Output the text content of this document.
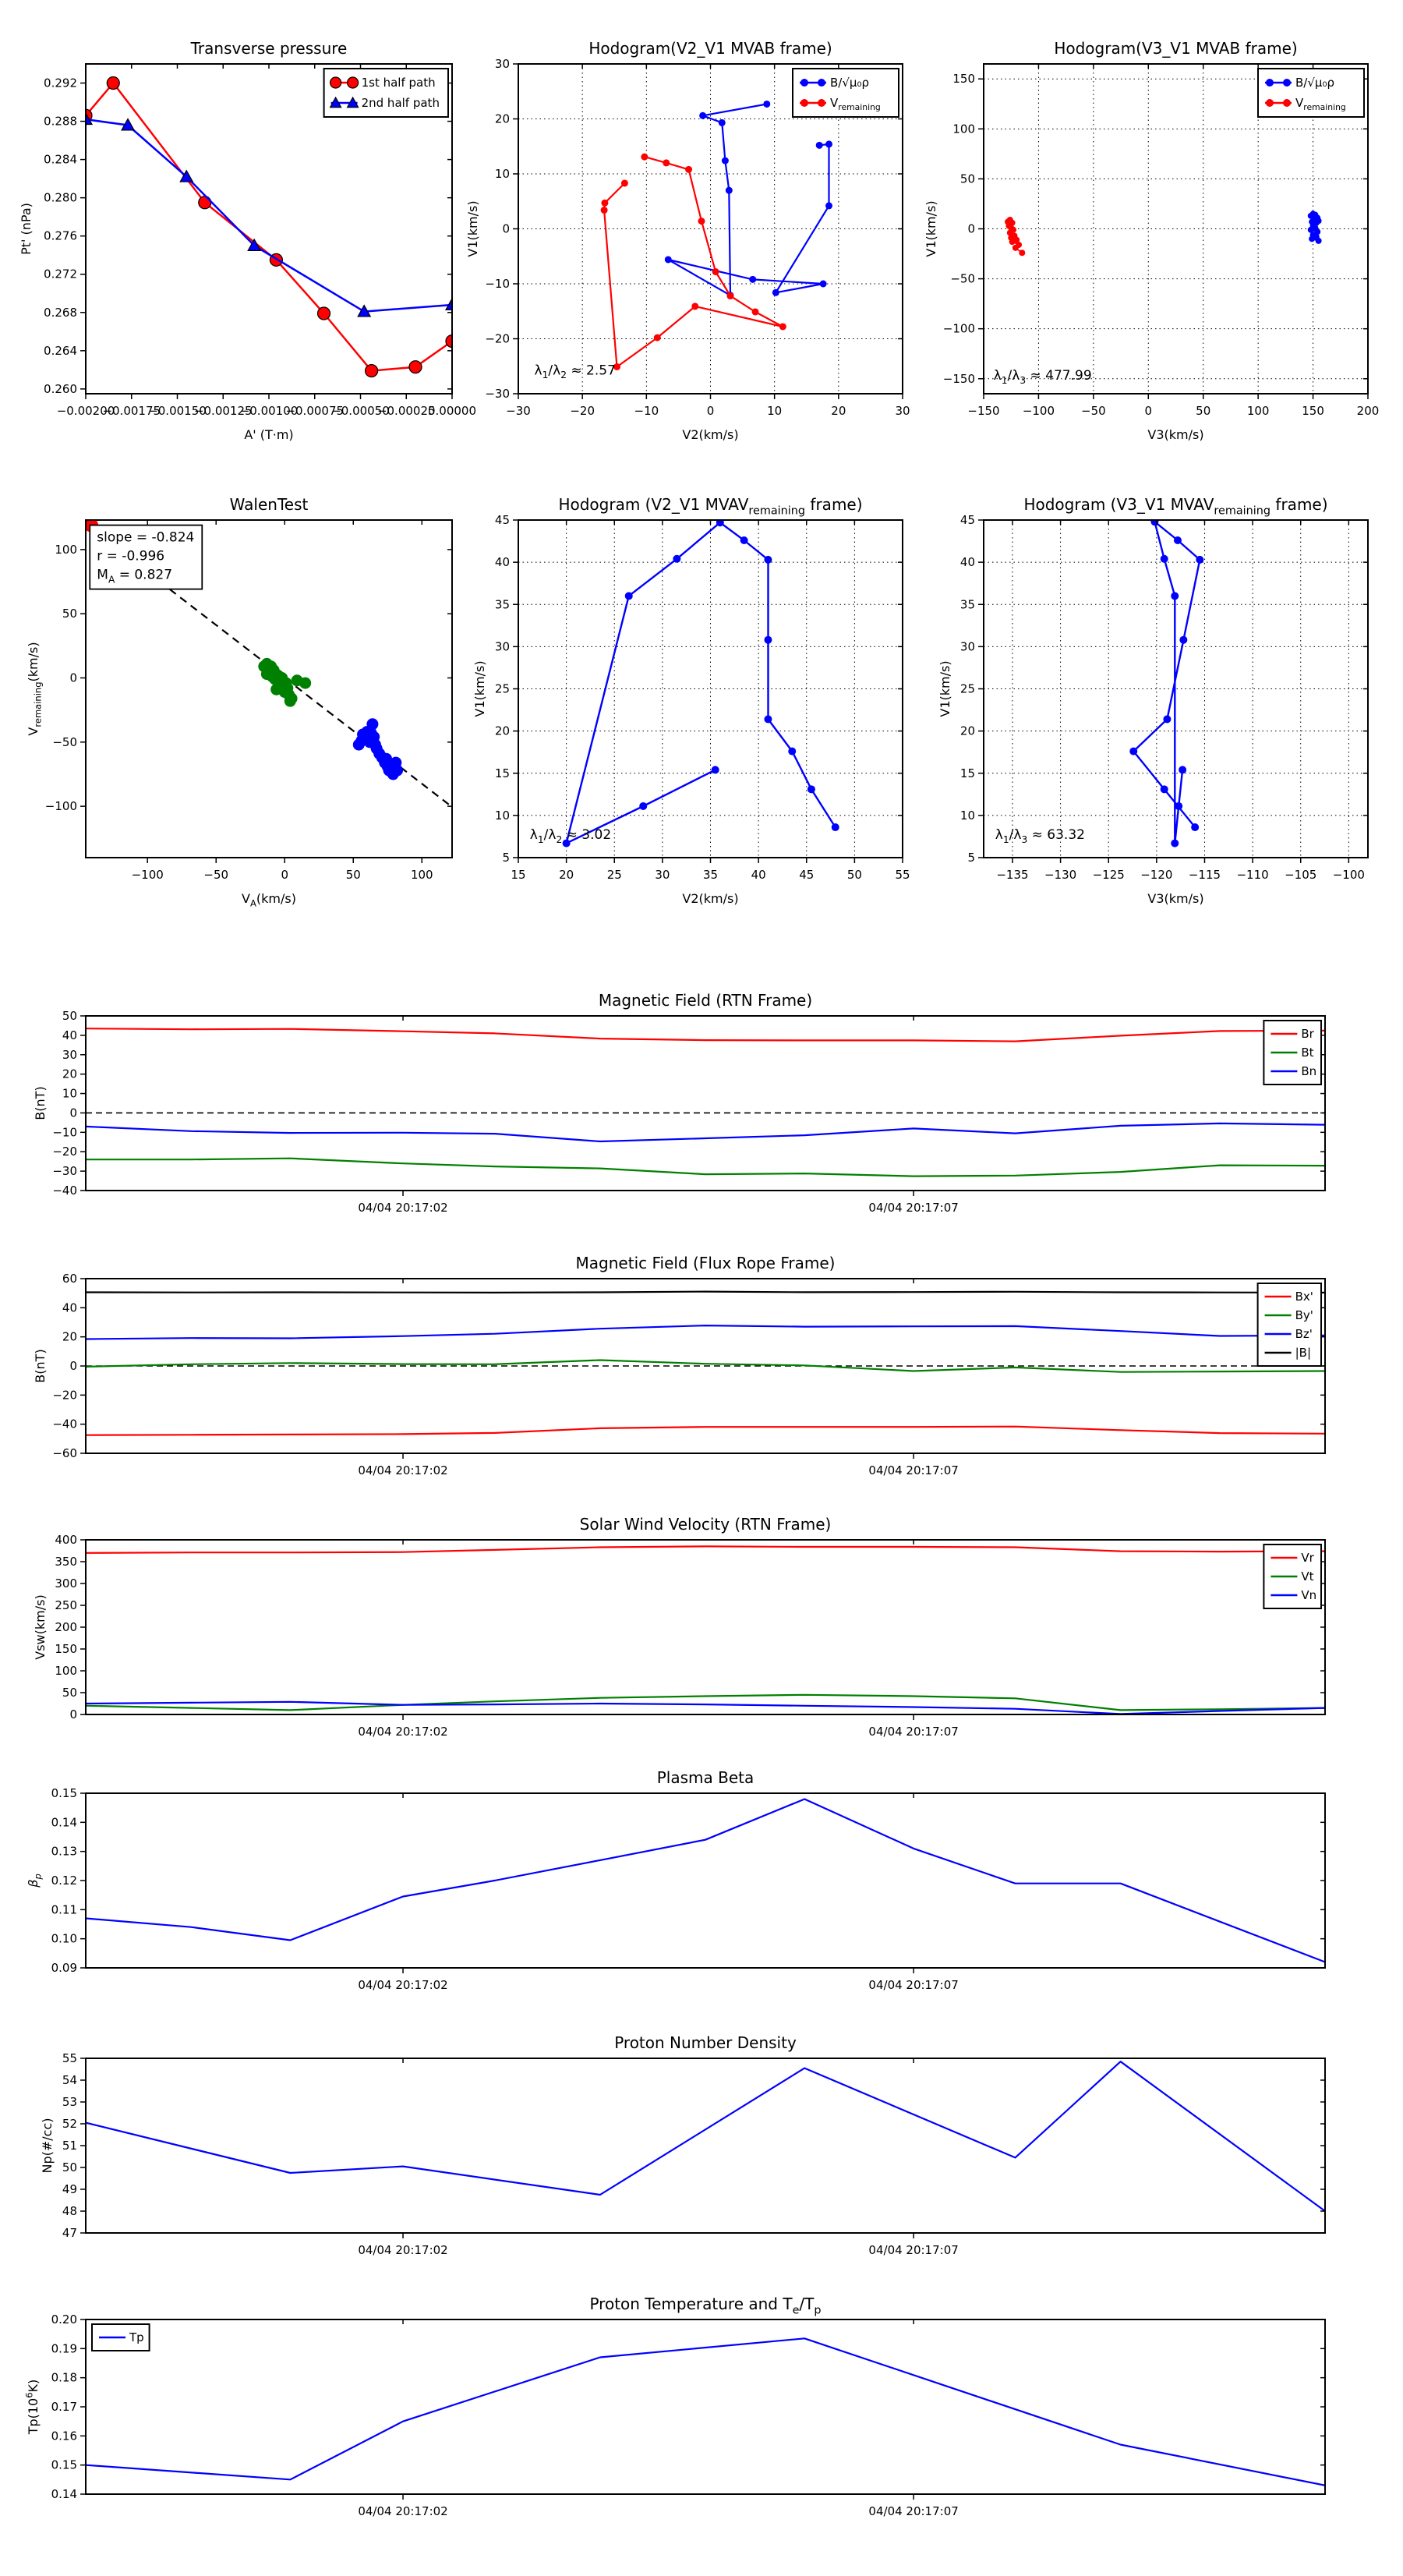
−0.00200
−0.00175
−0.00150
−0.00125
−0.00100
−0.00075
−0.00050
−0.00025
0.00000
0.260
0.264
0.268
0.272
0.276
0.280
0.284
0.288
0.292
Transverse pressure
A' (T·m)
Pt' (nPa)
1st half path
2nd half path
−30	−20	−10	0	10	20	30
−30
−20
−10
0
10
20
30
Hodogram(V2_V1 MVAB frame)
V2(km/s)
V1(km/s)
$\lambda_1/\lambda_2 \approx 2.57$
B/√μ₀ρ
$V_{remaining}$
−150 −100 −50	0	50	100	150	200
−150
−100
−50
0
50
100
150
Hodogram(V3_V1 MVAB frame)
V3(km/s)
V1(km/s)
$\lambda_1/\lambda_3 \approx 477.99$
B/√μ₀ρ
$V_{remaining}$
−100	−50	0	50	100
−100
−50
0
50
100
WalenTest
$V_A(km/s)$
$V_{remaining}(km/s)$
slope = -0.824
r = -0.996
$M_A = 0.827$
15	20	25	30	35	40	45	50	55
5
10
15
20
25
30
35
40
45
Hodogram (V2_V1 $MVAV_{remaining}$ frame)
V2(km/s)
V1(km/s)
$\lambda_1/\lambda_2 \approx 3.02$
−135 −130 −125 −120 −115 −110 −105 −100
5
10
15
20
25
30
35
40
45
Hodogram (V3_V1 $MVAV_{remaining}$ frame)
V3(km/s)
V1(km/s)
$\lambda_1/\lambda_3 \approx 63.32$
04/04 20:17:02	04/04 20:17:07
−40
−30
−20
−10
0
10
20
30
40
50
Magnetic Field (RTN Frame)
B(nT)
Br
Bt
Bn
04/04 20:17:02	04/04 20:17:07
−60
−40
−20
0
20
40
60
Magnetic Field (Flux Rope Frame)
B(nT)
Bx'
By'
Bz'
|B|
04/04 20:17:02	04/04 20:17:07
0
50
100
150
200
250
300
350
400
Solar Wind Velocity (RTN Frame)
Vsw(km/s)
Vr
Vt
Vn
04/04 20:17:02	04/04 20:17:07
0.09
0.10
0.11
0.12
0.13
0.14
0.15
Plasma Beta
$\beta_p$
04/04 20:17:02	04/04 20:17:07
47
48
49
50
51
52
53
54
55
Proton Number Density
Np(#/cc)
04/04 20:17:02	04/04 20:17:07
0.14
0.15
0.16
0.17
0.18
0.19
0.20
Proton Temperature and $T_e/T_p$
$Tp(10^6K)$
Tp
